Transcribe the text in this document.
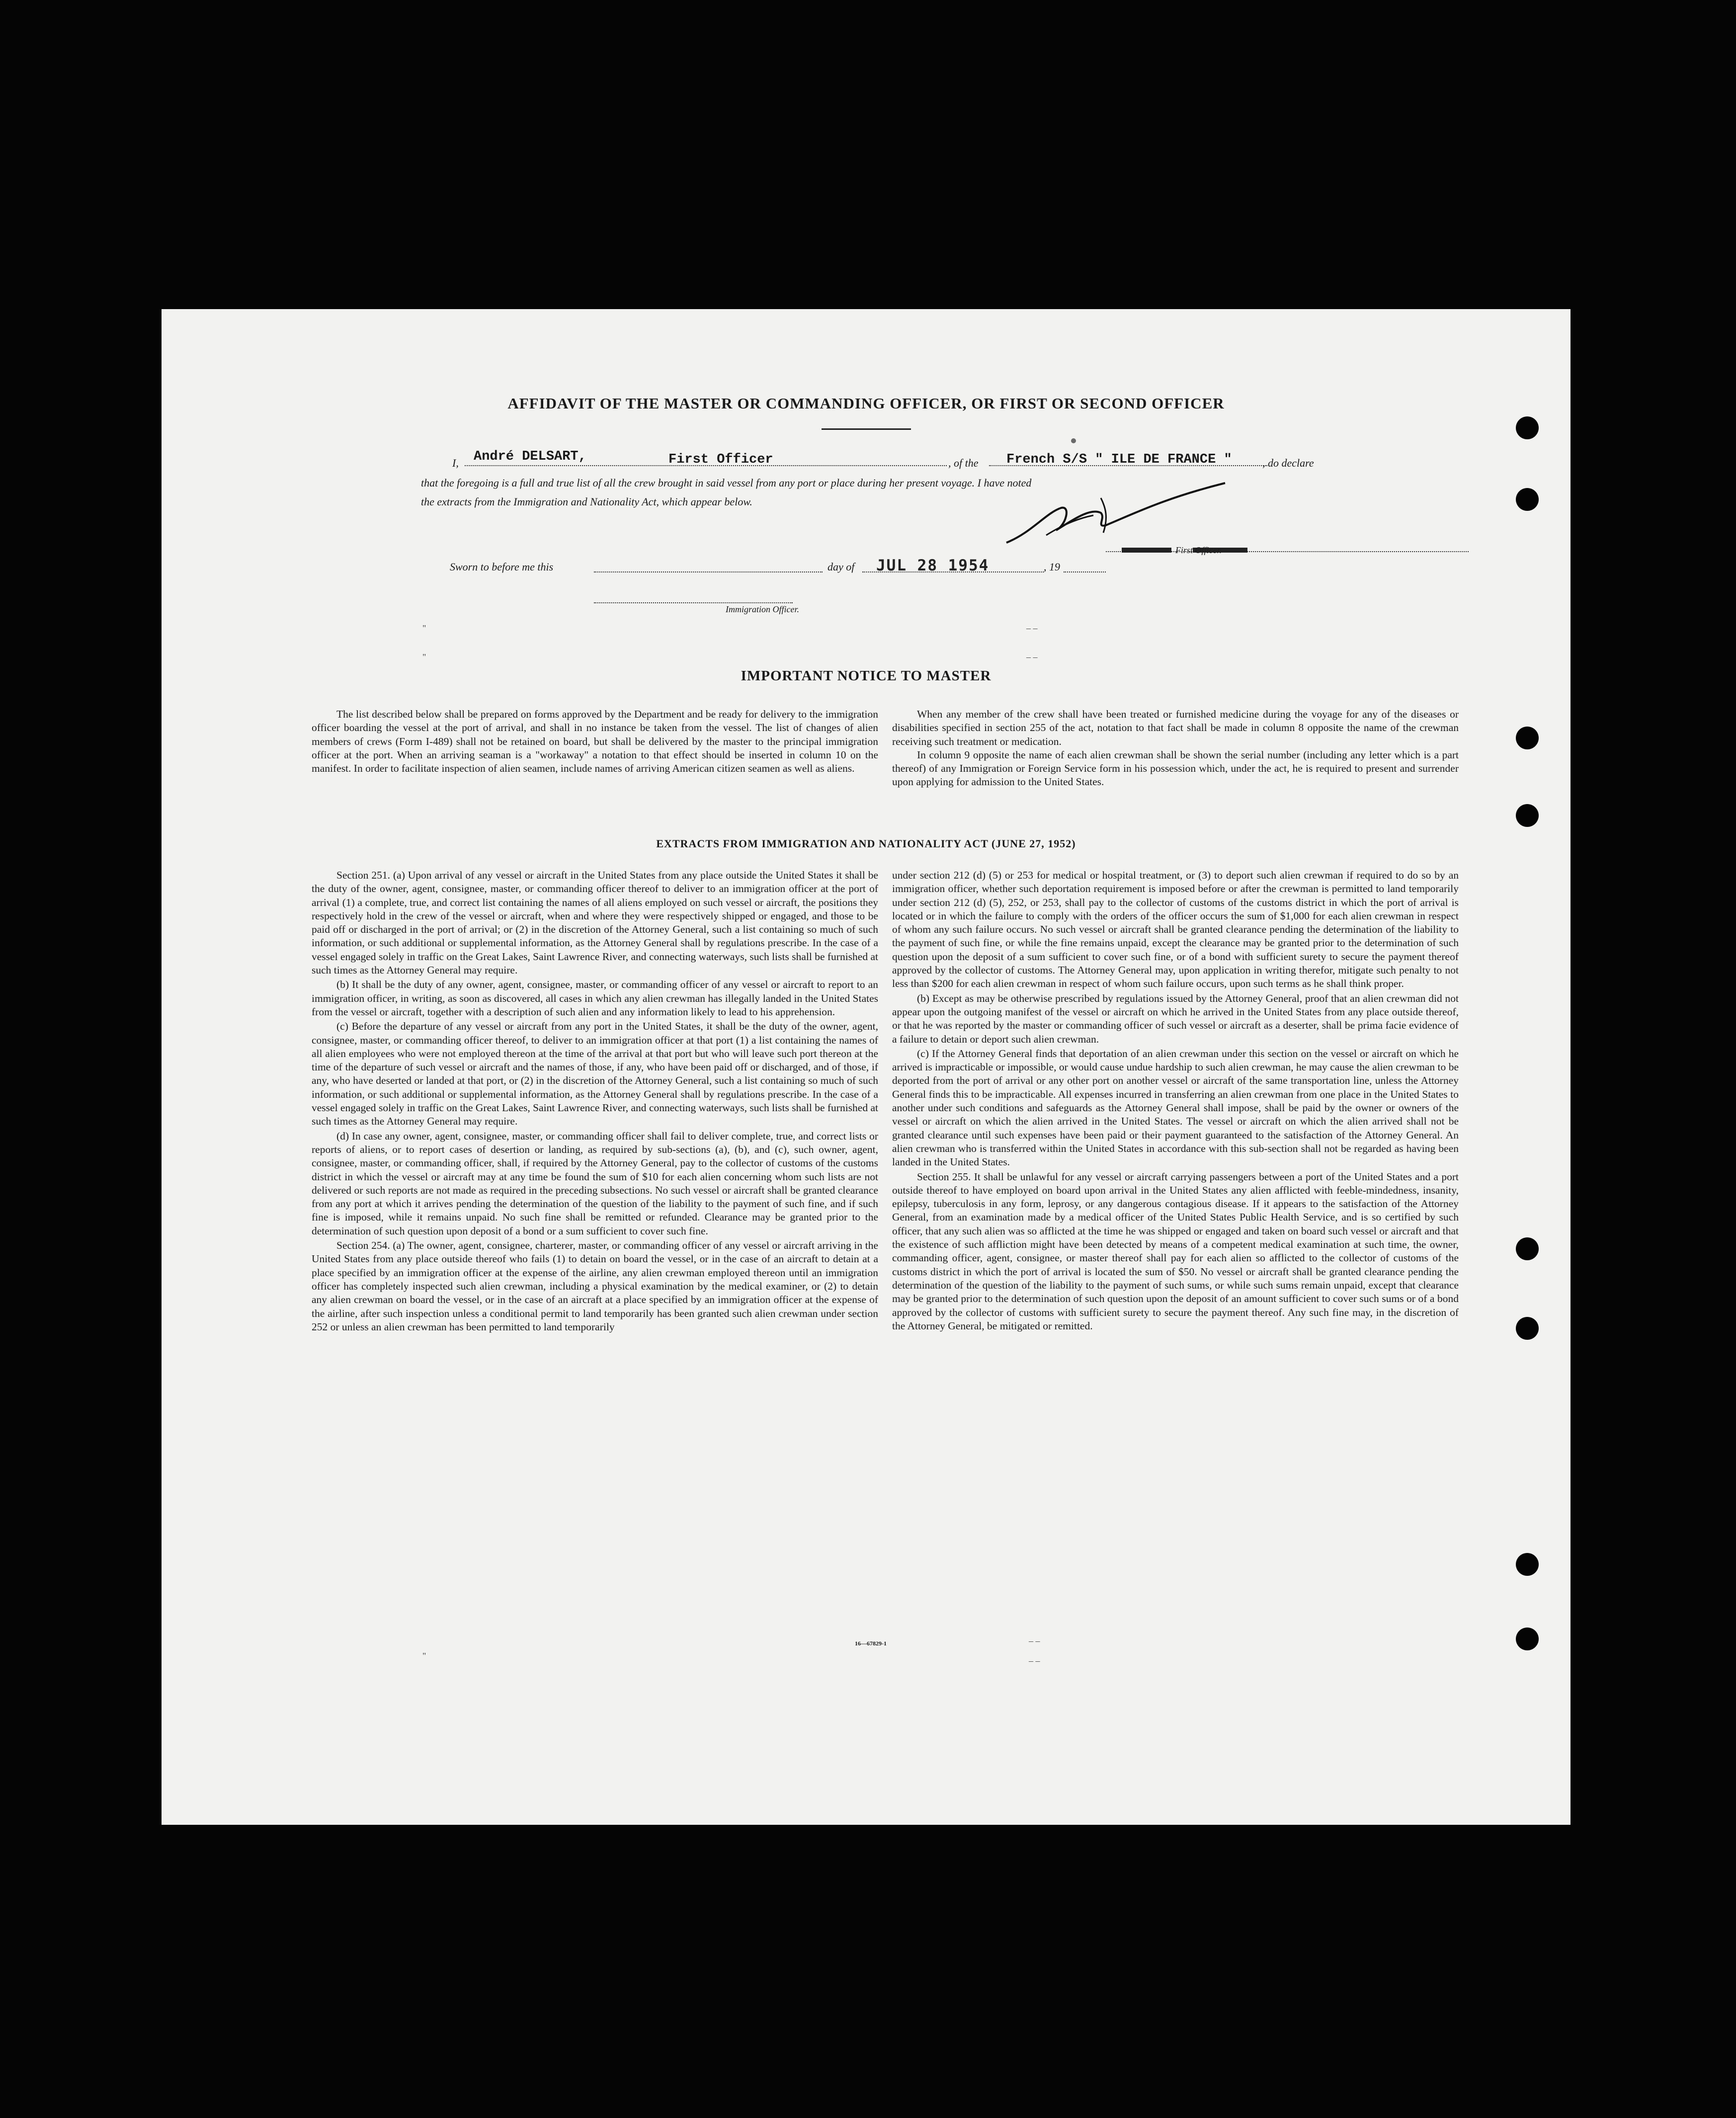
AFFIDAVIT OF THE MASTER OR COMMANDING OFFICER, OR FIRST OR SECOND OFFICER
I, André DELSART,	First Officer	, of the French S/S " ILE DE FRANCE "	, do declare
that the foregoing is a full and true list of all the crew brought in said vessel from any port or place during her present voyage. I have noted
the extracts from the Immigration and Nationality Act, which appear below.
First Officer.
Sworn to before me this	day of JUL 28 1954	, 19
Immigration Officer.
"
"
– –
– –
IMPORTANT NOTICE TO MASTER

The list described below shall be prepared on forms approved by the Department and be ready for delivery to the immigration officer boarding the vessel at the port of arrival, and shall in no instance be taken from the vessel. The list of changes of alien members of crews (Form I-489) shall not be retained on board, but shall be delivered by the master to the principal immigration officer at the port. When an arriving seaman is a "workaway" a notation to that effect should be inserted in column 10 on the manifest. In order to facilitate inspection of alien seamen, include names of arriving American citizen seamen as well as aliens.

When any member of the crew shall have been treated or furnished medicine during the voyage for any of the diseases or disabilities specified in section 255 of the act, notation to that fact shall be made in column 8 opposite the name of the crewman receiving such treatment or medication.

In column 9 opposite the name of each alien crewman shall be shown the serial number (including any letter which is a part thereof) of any Immigration or Foreign Service form in his possession which, under the act, he is required to present and surrender upon applying for admission to the United States.

EXTRACTS FROM IMMIGRATION AND NATIONALITY ACT (JUNE 27, 1952)

Section 251. (a) Upon arrival of any vessel or aircraft in the United States from any place outside the United States it shall be the duty of the owner, agent, consignee, master, or commanding officer thereof to deliver to an immigration officer at the port of arrival (1) a complete, true, and correct list containing the names of all aliens employed on such vessel or aircraft, the positions they respectively hold in the crew of the vessel or aircraft, when and where they were respectively shipped or engaged, and those to be paid off or discharged in the port of arrival; or (2) in the discretion of the Attorney General, such a list containing so much of such information, or such additional or supplemental information, as the Attorney General shall by regulations prescribe. In the case of a vessel engaged solely in traffic on the Great Lakes, Saint Lawrence River, and connecting waterways, such lists shall be furnished at such times as the Attorney General may require.

(b) It shall be the duty of any owner, agent, consignee, master, or commanding officer of any vessel or aircraft to report to an immigration officer, in writing, as soon as discovered, all cases in which any alien crewman has illegally landed in the United States from the vessel or aircraft, together with a description of such alien and any information likely to lead to his apprehension.

(c) Before the departure of any vessel or aircraft from any port in the United States, it shall be the duty of the owner, agent, consignee, master, or commanding officer thereof, to deliver to an immigration officer at that port (1) a list containing the names of all alien employees who were not employed thereon at the time of the arrival at that port but who will leave such port thereon at the time of the departure of such vessel or aircraft and the names of those, if any, who have been paid off or discharged, and of those, if any, who have deserted or landed at that port, or (2) in the discretion of the Attorney General, such a list containing so much of such information, or such additional or supplemental information, as the Attorney General shall by regulations prescribe. In the case of a vessel engaged solely in traffic on the Great Lakes, Saint Lawrence River, and connecting waterways, such lists shall be furnished at such times as the Attorney General may require.

(d) In case any owner, agent, consignee, master, or commanding officer shall fail to deliver complete, true, and correct lists or reports of aliens, or to report cases of desertion or landing, as required by sub-sections (a), (b), and (c), such owner, agent, consignee, master, or commanding officer, shall, if required by the Attorney General, pay to the collector of customs of the customs district in which the vessel or aircraft may at any time be found the sum of $10 for each alien concerning whom such lists are not delivered or such reports are not made as required in the preceding subsections. No such vessel or aircraft shall be granted clearance from any port at which it arrives pending the determination of the question of the liability to the payment of such fine, and if such fine is imposed, while it remains unpaid. No such fine shall be remitted or refunded. Clearance may be granted prior to the determination of such question upon deposit of a bond or a sum sufficient to cover such fine.

Section 254. (a) The owner, agent, consignee, charterer, master, or commanding officer of any vessel or aircraft arriving in the United States from any place outside thereof who fails (1) to detain on board the vessel, or in the case of an aircraft to detain at a place specified by an immigration officer at the expense of the airline, any alien crewman employed thereon until an immigration officer has completely inspected such alien crewman, including a physical examination by the medical examiner, or (2) to detain any alien crewman on board the vessel, or in the case of an aircraft at a place specified by an immigration officer at the expense of the airline, after such inspection unless a conditional permit to land temporarily has been granted such alien crewman under section 252 or unless an alien crewman has been permitted to land temporarily

under section 212 (d) (5) or 253 for medical or hospital treatment, or (3) to deport such alien crewman if required to do so by an immigration officer, whether such deportation requirement is imposed before or after the crewman is permitted to land temporarily under section 212 (d) (5), 252, or 253, shall pay to the collector of customs of the customs district in which the port of arrival is located or in which the failure to comply with the orders of the officer occurs the sum of $1,000 for each alien crewman in respect of whom any such failure occurs. No such vessel or aircraft shall be granted clearance pending the determination of the liability to the payment of such fine, or while the fine remains unpaid, except the clearance may be granted prior to the determination of such question upon the deposit of a sum sufficient to cover such fine, or of a bond with sufficient surety to secure the payment thereof approved by the collector of customs. The Attorney General may, upon application in writing therefor, mitigate such penalty to not less than $200 for each alien crewman in respect of whom such failure occurs, upon such terms as he shall think proper.

(b) Except as may be otherwise prescribed by regulations issued by the Attorney General, proof that an alien crewman did not appear upon the outgoing manifest of the vessel or aircraft on which he arrived in the United States from any place outside thereof, or that he was reported by the master or commanding officer of such vessel or aircraft as a deserter, shall be prima facie evidence of a failure to detain or deport such alien crewman.

(c) If the Attorney General finds that deportation of an alien crewman under this section on the vessel or aircraft on which he arrived is impracticable or impossible, or would cause undue hardship to such alien crewman, he may cause the alien crewman to be deported from the port of arrival or any other port on another vessel or aircraft of the same transportation line, unless the Attorney General finds this to be impracticable. All expenses incurred in transferring an alien crewman from one place in the United States to another under such conditions and safeguards as the Attorney General shall impose, shall be paid by the owner or owners of the vessel or aircraft on which the alien arrived in the United States. The vessel or aircraft on which the alien arrived shall not be granted clearance until such expenses have been paid or their payment guaranteed to the satisfaction of the Attorney General. An alien crewman who is transferred within the United States in accordance with this sub-section shall not be regarded as having been landed in the United States.

Section 255. It shall be unlawful for any vessel or aircraft carrying passengers between a port of the United States and a port outside thereof to have employed on board upon arrival in the United States any alien afflicted with feeble-mindedness, insanity, epilepsy, tuberculosis in any form, leprosy, or any dangerous contagious disease. If it appears to the satisfaction of the Attorney General, from an examination made by a medical officer of the United States Public Health Service, and is so certified by such officer, that any such alien was so afflicted at the time he was shipped or engaged and taken on board such vessel or aircraft and that the existence of such affliction might have been detected by means of a competent medical examination at such time, the owner, commanding officer, agent, consignee, or master thereof shall pay for each alien so afflicted to the collector of customs of the customs district in which the port of arrival is located the sum of $50. No vessel or aircraft shall be granted clearance pending the determination of the question of the liability to the payment of such sums, or while such sums remain unpaid, except that clearance may be granted prior to the determination of such question upon the deposit of an amount sufficient to cover such sums or of a bond approved by the collector of customs with sufficient surety to secure the payment thereof. Any such fine may, in the discretion of the Attorney General, be mitigated or remitted.

16—67829-1
"
– –
– –
